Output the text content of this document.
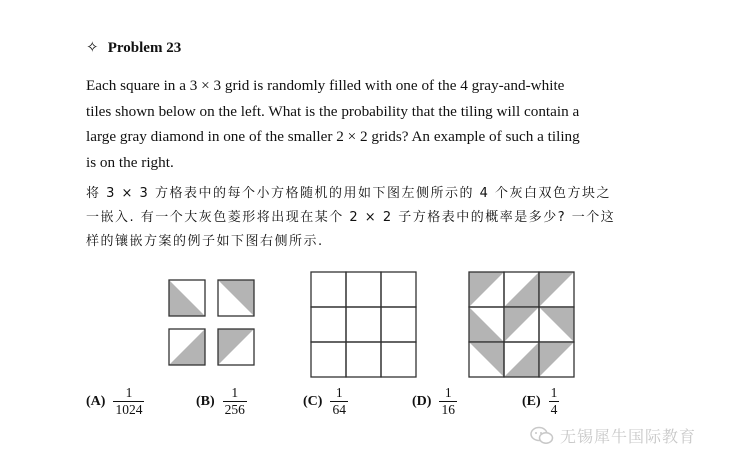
✧ Problem 23

Each square in a 3 × 3 grid is randomly filled with one of the 4 gray-and-white

tiles shown below on the left. What is the probability that the tiling will contain a

large gray diamond in one of the smaller 2 × 2 grids? An example of such a tiling

is on the right.

将 3 × 3 方格表中的每个小方格随机的用如下图左侧所示的 4 个灰白双色方块之

一嵌入. 有一个大灰色菱形将出现在某个 2 × 2 子方格表中的概率是多少? 一个这

样的镶嵌方案的例子如下图右侧所示.

$(A) \frac{1}{1024}$	$(B) \frac{1}{256}$	$(C) \frac{1}{64}$	$(D) \frac{1}{16}$	$(E) \frac{1}{4}$
无锡犀牛国际教育
